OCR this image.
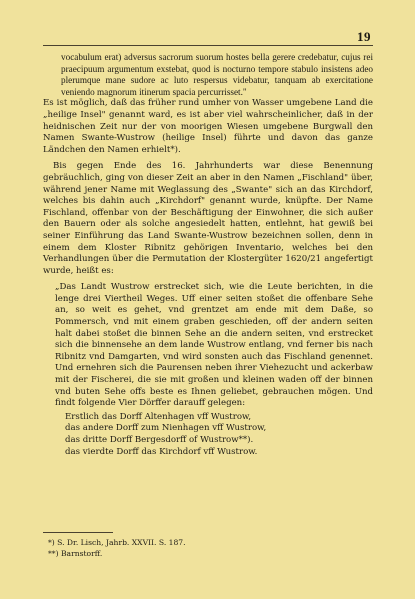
19

vocabulum erat) adversus sacrorum suorum hostes bella gerere credebatur, cujus rei praecipuum argumentum exstebat, quod is nocturno tempore stabulo insistens adeo plerumque mane sudore ac luto respersus videbatur, tanquam ab exercitatione veniendo magnorum itinerum spacia percurrisset."

Es ist möglich, daß das früher rund umher von Wasser umgebene Land die „heilige Insel" genannt ward, es ist aber viel wahrscheinlicher, daß in der heidnischen Zeit nur der von moorigen Wiesen umgebene Burgwall den Namen Swante-Wustrow (heilige Insel) führte und davon das ganze Ländchen den Namen erhielt*).

Bis gegen Ende des 16. Jahrhunderts war diese Benennung gebräuchlich, ging von dieser Zeit an aber in den Namen „Fischland" über, während jener Name mit Weglassung des „Swante" sich an das Kirchdorf, welches bis dahin auch „Kirchdorf" genannt wurde, knüpfte. Der Name Fischland, offenbar von der Beschäftigung der Einwohner, die sich außer den Bauern oder als solche angesiedelt hatten, entlehnt, hat gewiß bei seiner Einführung das Land Swante-Wustrow bezeichnen sollen, denn in einem dem Kloster Ribnitz gehörigen Inventario, welches bei den Verhandlungen über die Permutation der Klostergüter 1620/21 angefertigt wurde, heißt es:

„Das Landt Wustrow erstrecket sich, wie die Leute berichten, in die lenge drei Viertheil Weges. Uff einer seiten stoßet die offenbare Sehe an, so weit es gehet, vnd grentzet am ende mit dem Daße, so Pommersch, vnd mit einem graben geschieden, off der andern seiten halt dabei stoßet die binnen Sehe an die andern seiten, vnd erstrecket sich die binnensehe an dem lande Wustrow entlang, vnd ferner bis nach Ribnitz vnd Damgarten, vnd wird sonsten auch das Fischland genennet. Und ernehren sich die Paurensen neben ihrer Viehezucht und ackerbaw mit der Fischerei, die sie mit großen und kleinen waden off der binnen vnd buten Sehe offs beste es Ihnen geliebet, gebrauchen mögen. Und findt folgende Vier Dörffer darauff gelegen:

Erstlich das Dorff Altenhagen vff Wustrow,
das andere Dorff zum Nienhagen vff Wustrow,
das dritte Dorff Bergesdorff of Wustrow**).
das vierdte Dorff das Kirchdorf vff Wustrow.
*) S. Dr. Lisch, Jahrb. XXVII. S. 187.
**) Barnstorff.
